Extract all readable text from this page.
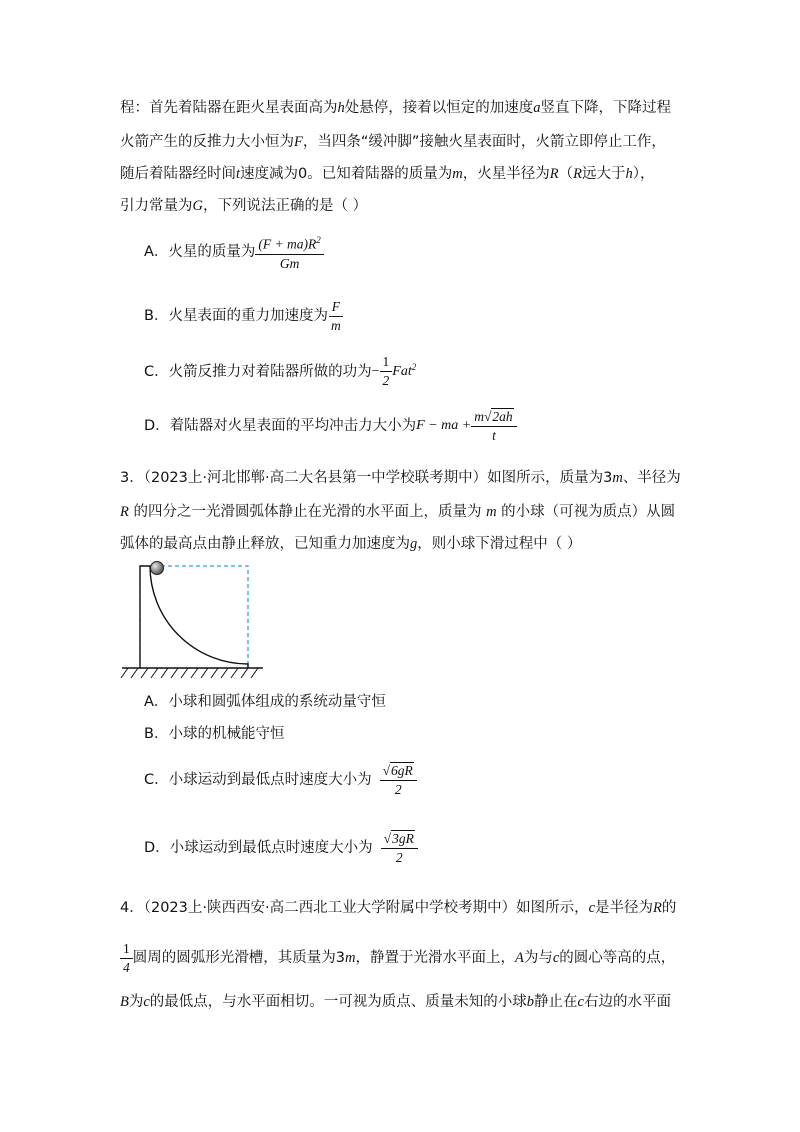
程：首先着陆器在距火星表面高为h处悬停，接着以恒定的加速度a竖直下降，下降过程
火箭产生的反推力大小恒为F，当四条“缓冲脚”接触火星表面时，火箭立即停止工作，
随后着陆器经时间t速度减为0。已知着陆器的质量为m，火星半径为R（R远大于h），
引力常量为G，下列说法正确的是（ ）
A．火星的质量为 $\frac{(F + ma)R^2}{Gm}$
B．火星表面的重力加速度为 $\frac{F}{m}$
C．火箭反推力对着陆器所做的功为− $\frac{1}{2} Fat^2$
D．着陆器对火星表面的平均冲击力大小为F − ma + $\frac{m√2ah}{t}$
3．（2023上·河北邯郸·高二大名县第一中学校联考期中）如图所示，质量为3m、半径为
R 的四分之一光滑圆弧体静止在光滑的水平面上，质量为 m 的小球（可视为质点）从圆
弧体的最高点由静止释放，已知重力加速度为g，则小球下滑过程中（ ）
A．小球和圆弧体组成的系统动量守恒
B．小球的机械能守恒
C．小球运动到最低点时速度大小为 $\frac{√6gR}{2}$
D．小球运动到最低点时速度大小为 $\frac{√3gR}{2}$
4．（2023上·陕西西安·高二西北工业大学附属中学校考期中）如图所示，c是半径为R的
$\frac{1}{4}$ 圆周的圆弧形光滑槽，其质量为3m，静置于光滑水平面上，A为与c的圆心等高的点，
B为c的最低点，与水平面相切。一可视为质点、质量未知的小球b静止在c右边的水平面
